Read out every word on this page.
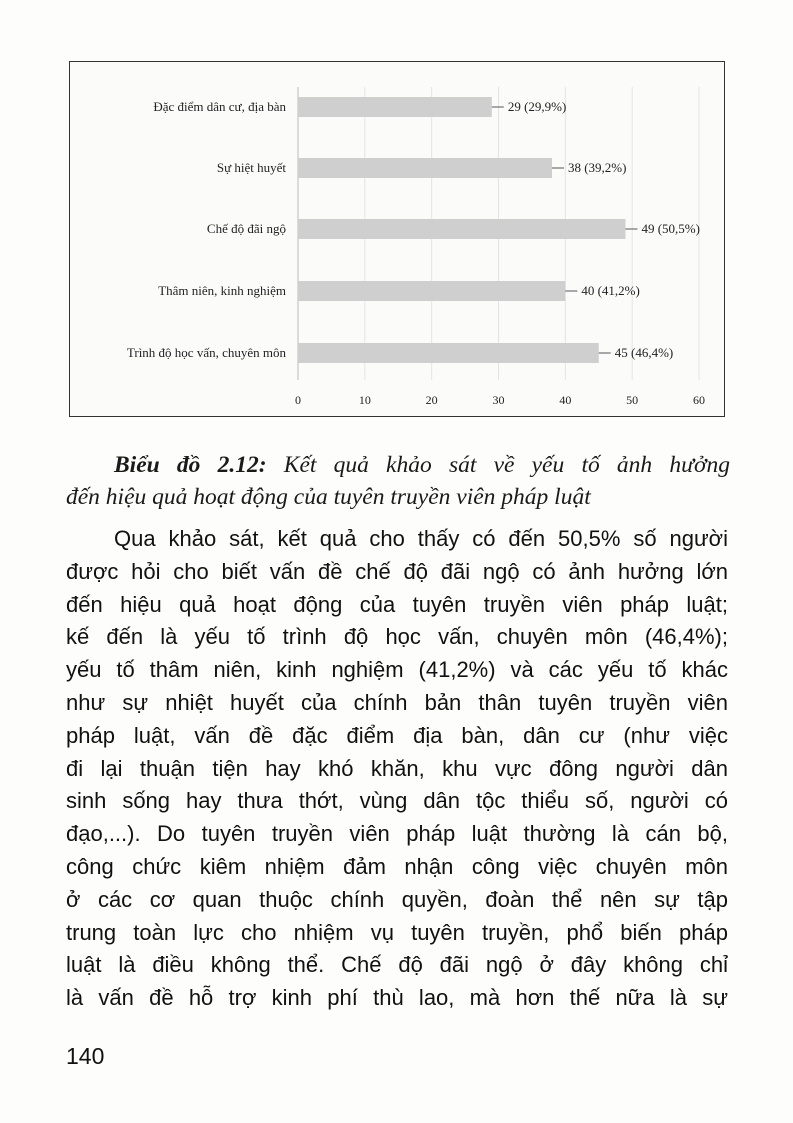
Đặc điểm dân cư, địa bàn	29 (29,9%)
Sự hiệt huyết	38 (39,2%)
Chế độ đãi ngộ	49 (50,5%)
Thâm niên, kinh nghiệm	40 (41,2%)
Trình độ học vấn, chuyên môn	45 (46,4%)
0	10	20	30	40	50	60
Biểu đồ 2.12: Kết quả khảo sát về yếu tố ảnh hưởng
đến hiệu quả hoạt động của tuyên truyền viên pháp luật
Qua khảo sát, kết quả cho thấy có đến 50,5% số người
được hỏi cho biết vấn đề chế độ đãi ngộ có ảnh hưởng lớn
đến hiệu quả hoạt động của tuyên truyền viên pháp luật;
kế đến là yếu tố trình độ học vấn, chuyên môn (46,4%);
yếu tố thâm niên, kinh nghiệm (41,2%) và các yếu tố khác
như sự nhiệt huyết của chính bản thân tuyên truyền viên
pháp luật, vấn đề đặc điểm địa bàn, dân cư (như việc
đi lại thuận tiện hay khó khăn, khu vực đông người dân
sinh sống hay thưa thớt, vùng dân tộc thiểu số, người có
đạo,...). Do tuyên truyền viên pháp luật thường là cán bộ,
công chức kiêm nhiệm đảm nhận công việc chuyên môn
ở các cơ quan thuộc chính quyền, đoàn thể nên sự tập
trung toàn lực cho nhiệm vụ tuyên truyền, phổ biến pháp
luật là điều không thể. Chế độ đãi ngộ ở đây không chỉ
là vấn đề hỗ trợ kinh phí thù lao, mà hơn thế nữa là sự
140
